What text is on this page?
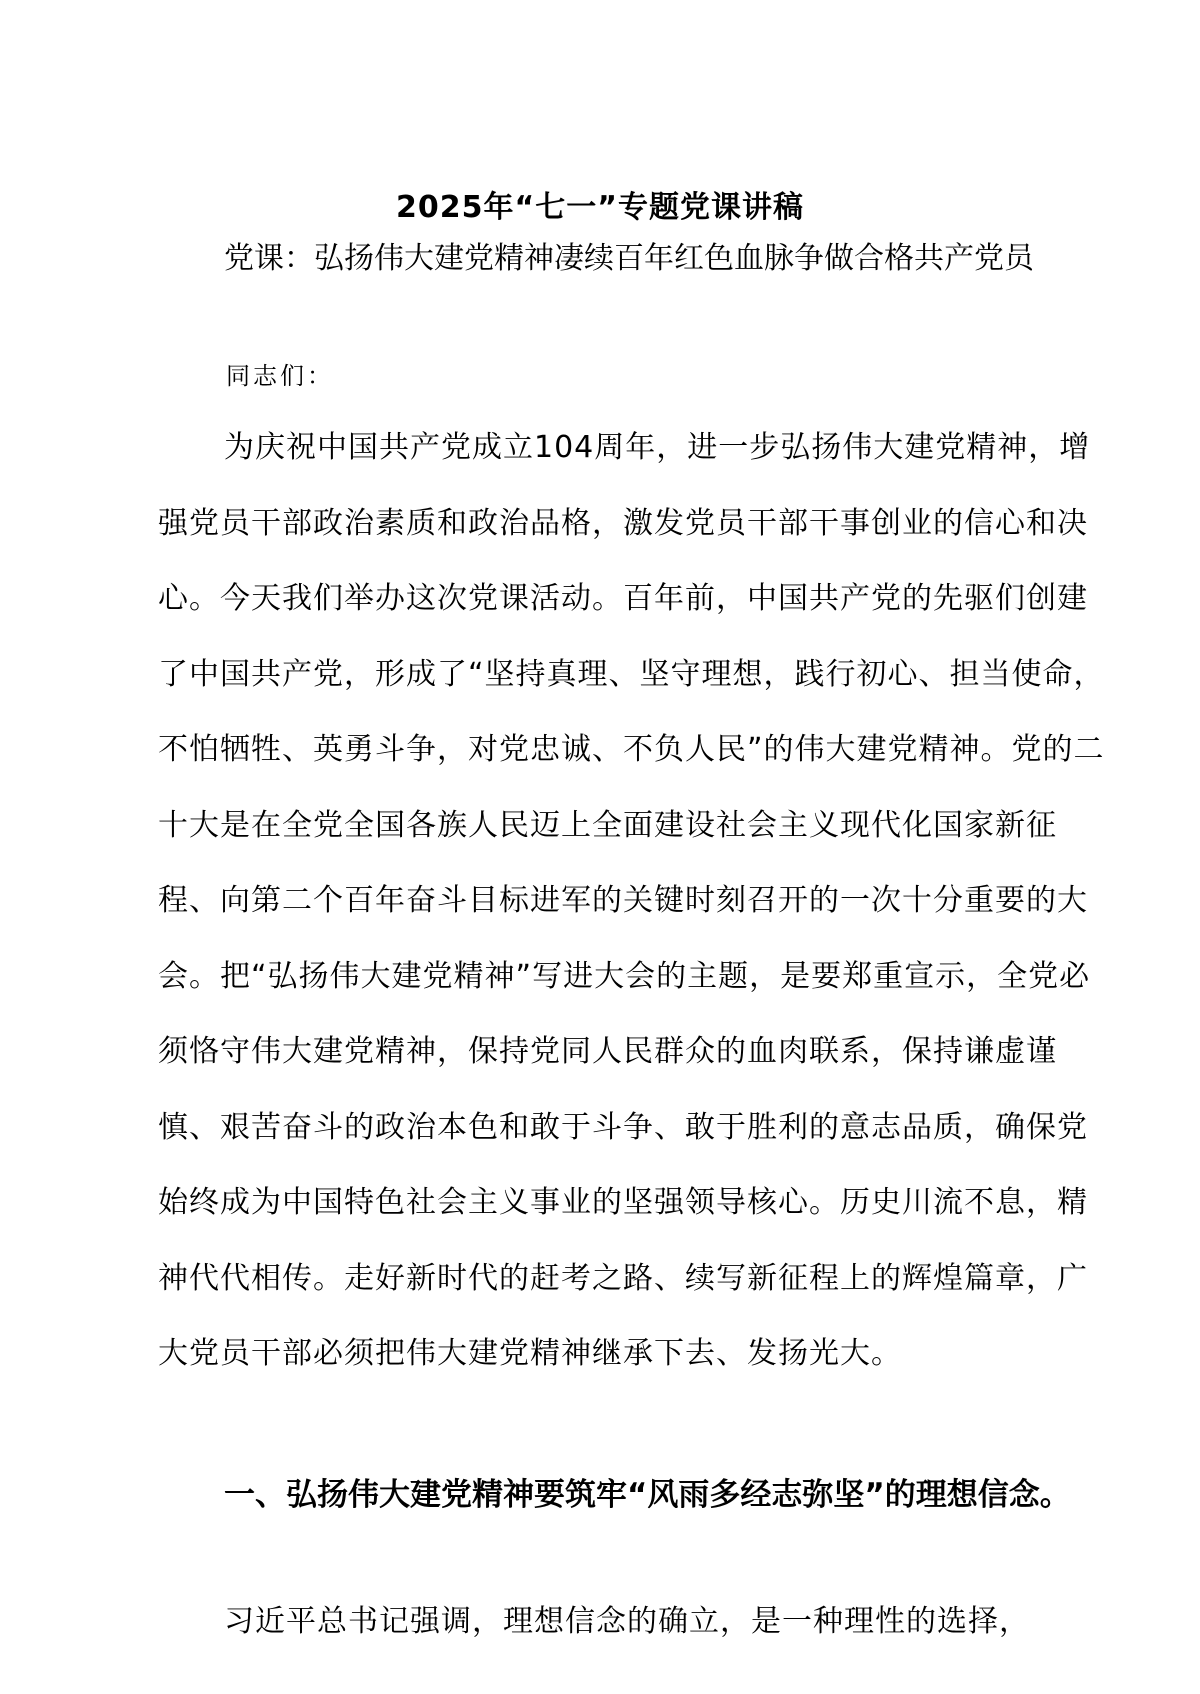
2025年“七一”专题党课讲稿

党课：弘扬伟大建党精神凄续百年红色血脉争做合格共产党员

同志们：

为庆祝中国共产党成立104周年，进一步弘扬伟大建党精神，增强党员干部政治素质和政治品格，激发党员干部干事创业的信心和决心。今天我们举办这次党课活动。百年前，中国共产党的先驱们创建了中国共产党，形成了“坚持真理、坚守理想，践行初心、担当使命，不怕牺牲、英勇斗争，对党忠诚、不负人民”的伟大建党精神。党的二十大是在全党全国各族人民迈上全面建设社会主义现代化国家新征程、向第二个百年奋斗目标进军的关键时刻召开的一次十分重要的大会。把“弘扬伟大建党精神”写进大会的主题，是要郑重宣示，全党必须恪守伟大建党精神，保持党同人民群众的血肉联系，保持谦虚谨慎、艰苦奋斗的政治本色和敢于斗争、敢于胜利的意志品质，确保党始终成为中国特色社会主义事业的坚强领导核心。历史川流不息，精神代代相传。走好新时代的赶考之路、续写新征程上的辉煌篇章，广大党员干部必须把伟大建党精神继承下去、发扬光大。

一、弘扬伟大建党精神要筑牢“风雨多经志弥坚”的理想信念。

习近平总书记强调，理想信念的确立，是一种理性的选择，
